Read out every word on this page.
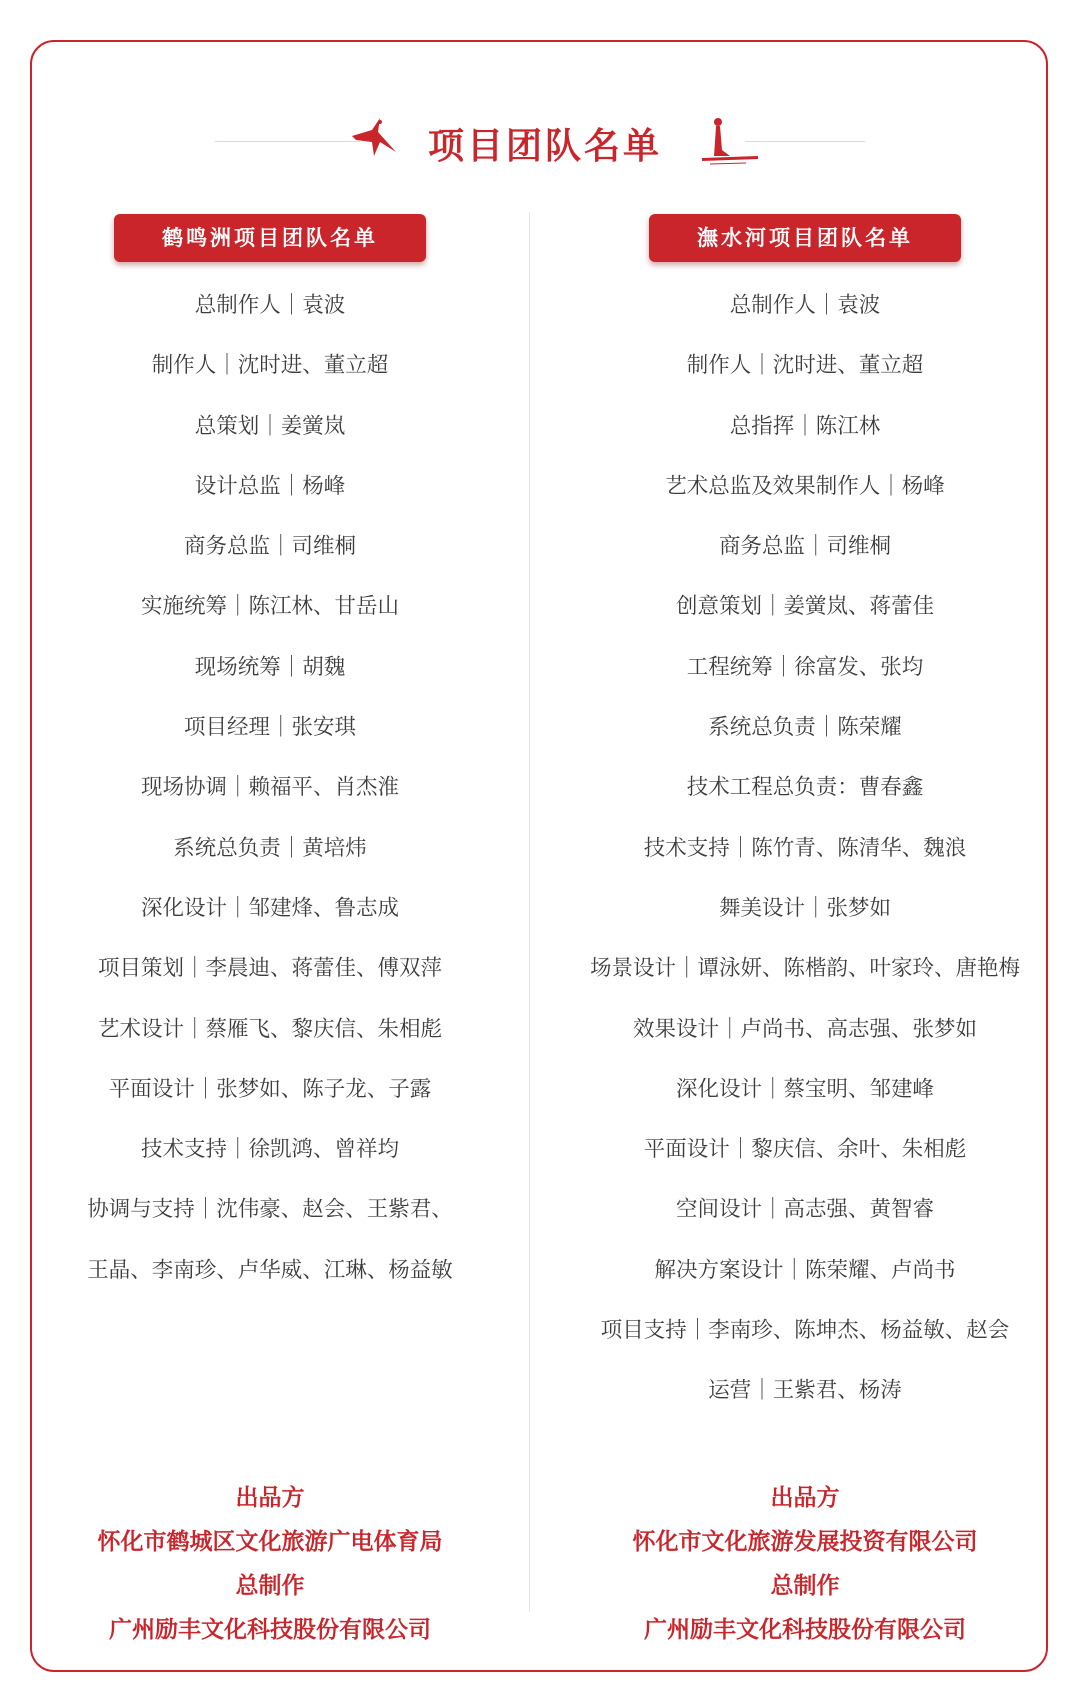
项目团队名单
鹤鸣洲项目团队名单
总制作人｜袁波
制作人｜沈时进、董立超
总策划｜姜黉岚
设计总监｜杨峰
商务总监｜司维桐
实施统筹｜陈江林、甘岳山
现场统筹｜胡魏
项目经理｜张安琪
现场协调｜赖福平、肖杰淮
系统总负责｜黄培炜
深化设计｜邹建烽、鲁志成
项目策划｜李晨迪、蒋蕾佳、傅双萍
艺术设计｜蔡雁飞、黎庆信、朱相彪
平面设计｜张梦如、陈子龙、子露
技术支持｜徐凯鸿、曾祥均
协调与支持｜沈伟豪、赵会、王紫君、
王晶、李南珍、卢华威、江琳、杨益敏
潕水河项目团队名单
总制作人｜袁波
制作人｜沈时进、董立超
总指挥｜陈江林
艺术总监及效果制作人｜杨峰
商务总监｜司维桐
创意策划｜姜黉岚、蒋蕾佳
工程统筹｜徐富发、张均
系统总负责｜陈荣耀
技术工程总负责：曹春鑫
技术支持｜陈竹青、陈清华、魏浪
舞美设计｜张梦如
场景设计｜谭泳妍、陈楷韵、叶家玲、唐艳梅
效果设计｜卢尚书、高志强、张梦如
深化设计｜蔡宝明、邹建峰
平面设计｜黎庆信、余叶、朱相彪
空间设计｜高志强、黄智睿
解决方案设计｜陈荣耀、卢尚书
项目支持｜李南珍、陈坤杰、杨益敏、赵会
运营｜王紫君、杨涛
出品方
怀化市鹤城区文化旅游广电体育局
总制作
广州励丰文化科技股份有限公司
出品方
怀化市文化旅游发展投资有限公司
总制作
广州励丰文化科技股份有限公司
